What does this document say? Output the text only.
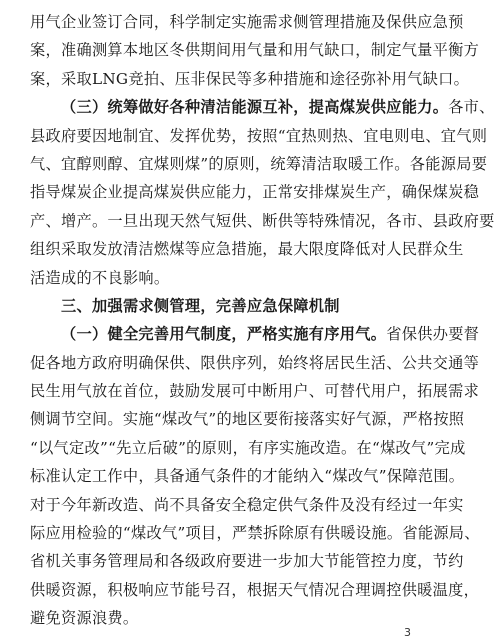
用气企业签订合同，科学制定实施需求侧管理措施及保供应急预
案，准确测算本地区冬供期间用气量和用气缺口，制定气量平衡方
案，采取LNG竞拍、压非保民等多种措施和途径弥补用气缺口。
（三）统筹做好各种清洁能源互补，提高煤炭供应能力。各市、
县政府要因地制宜、发挥优势，按照“宜热则热、宜电则电、宜气则
气、宜醇则醇、宜煤则煤”的原则，统筹清洁取暖工作。各能源局要
指导煤炭企业提高煤炭供应能力，正常安排煤炭生产，确保煤炭稳
产、增产。一旦出现天然气短供、断供等特殊情况，各市、县政府要
组织采取发放清洁燃煤等应急措施，最大限度降低对人民群众生
活造成的不良影响。
三、加强需求侧管理，完善应急保障机制
（一）健全完善用气制度，严格实施有序用气。省保供办要督
促各地方政府明确保供、限供序列，始终将居民生活、公共交通等
民生用气放在首位，鼓励发展可中断用户、可替代用户，拓展需求
侧调节空间。实施“煤改气”的地区要衔接落实好气源，严格按照
“以气定改”“先立后破”的原则，有序实施改造。在“煤改气”完成
标准认定工作中，具备通气条件的才能纳入“煤改气”保障范围。
对于今年新改造、尚不具备安全稳定供气条件及没有经过一年实
际应用检验的“煤改气”项目，严禁拆除原有供暖设施。省能源局、
省机关事务管理局和各级政府要进一步加大节能管控力度，节约
供暖资源，积极响应节能号召，根据天气情况合理调控供暖温度，
避免资源浪费。
3
